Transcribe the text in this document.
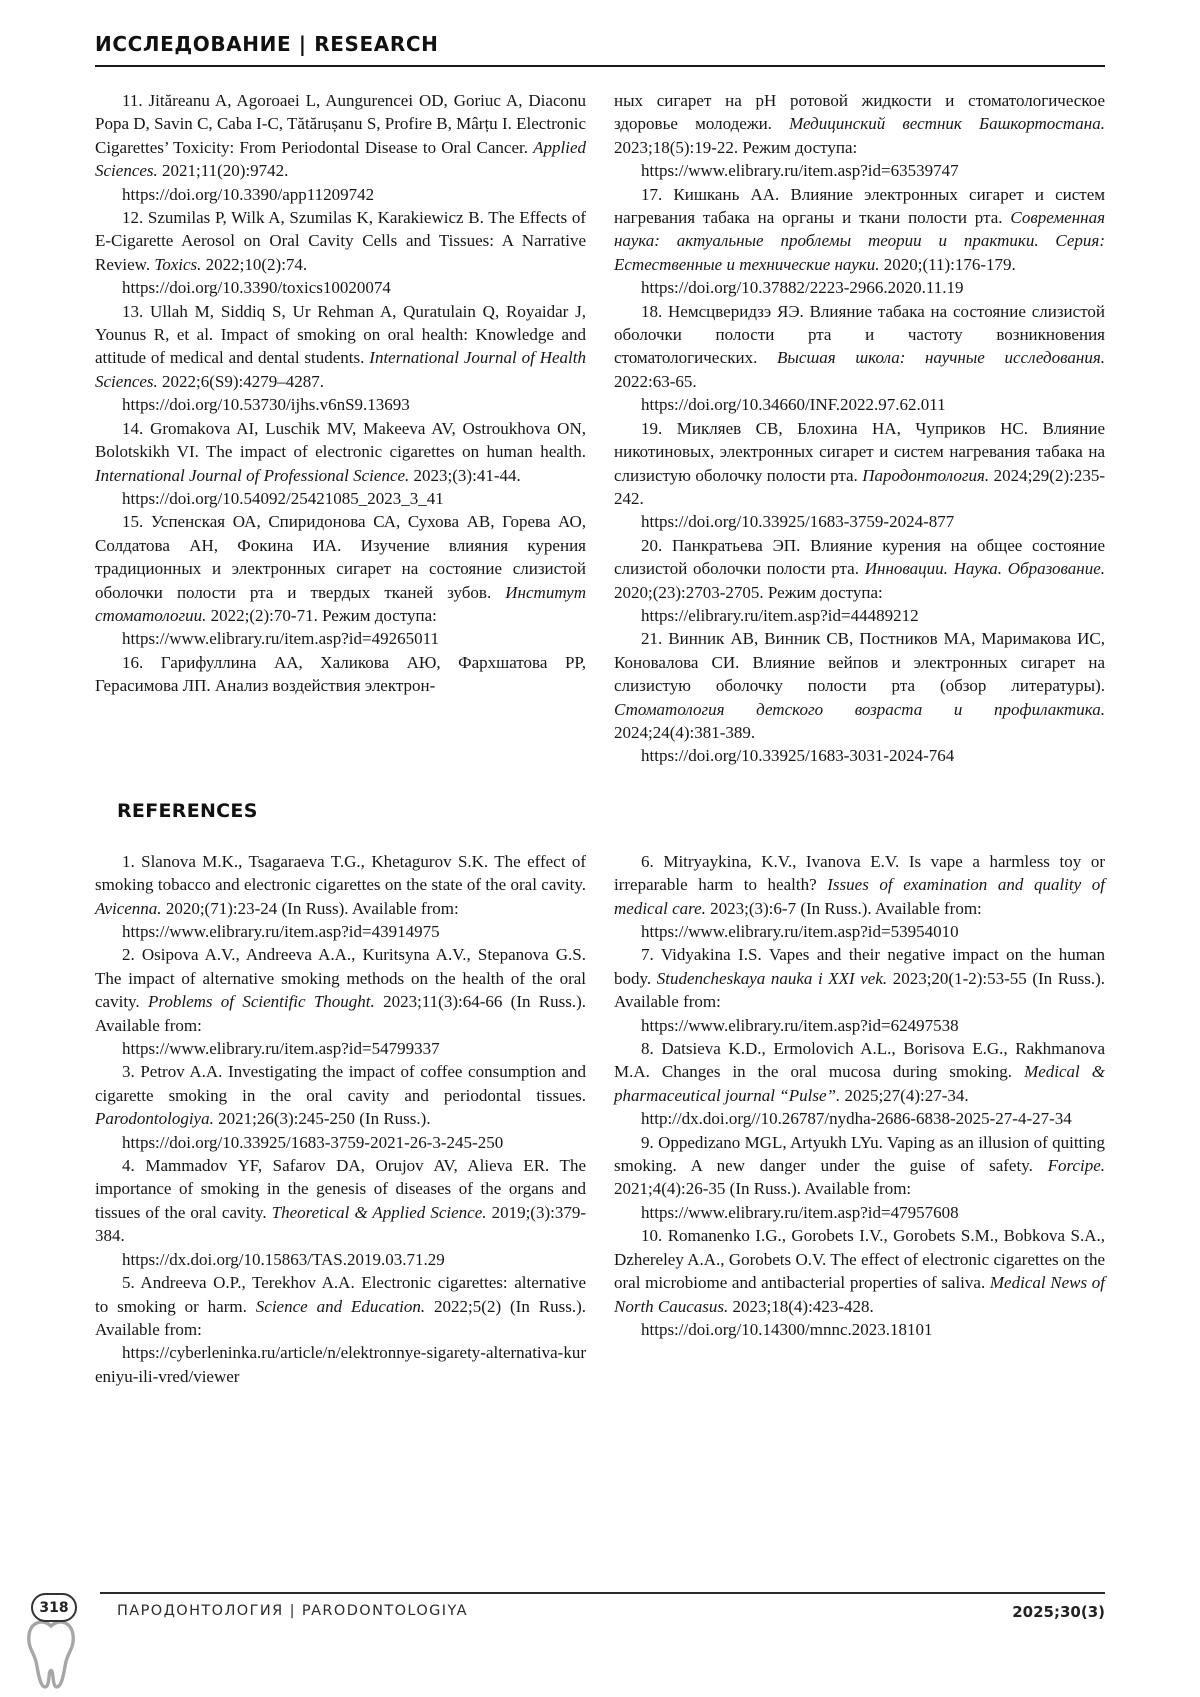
ИССЛЕДОВАНИЕ | RESEARCH

11. Jităreanu A, Agoroaei L, Aungurencei OD, Goriuc A, Diaconu Popa D, Savin C, Caba I-C, Tătărușanu S, Profire B, Mârțu I. Electronic Cigarettes’ Toxicity: From Periodontal Disease to Oral Cancer. Applied Sciences. 2021;11(20):9742.

https://doi.org/10.3390/app11209742

12. Szumilas P, Wilk A, Szumilas K, Karakiewicz B. The Effects of E-Cigarette Aerosol on Oral Cavity Cells and Tissues: A Narrative Review. Toxics. 2022;10(2):74.

https://doi.org/10.3390/toxics10020074

13. Ullah M, Siddiq S, Ur Rehman A, Quratulain Q, Royaidar J, Younus R, et al. Impact of smoking on oral health: Knowledge and attitude of medical and dental students. International Journal of Health Sciences. 2022;6(S9):4279–4287.

https://doi.org/10.53730/ijhs.v6nS9.13693

14. Gromakova AI, Luschik MV, Makeeva AV, Ostroukhova ON, Bolotskikh VI. The impact of electronic cigarettes on human health. International Journal of Professional Science. 2023;(3):41-44.

https://doi.org/10.54092/25421085_2023_3_41

15. Успенская ОА, Спиридонова СА, Сухова АВ, Горева АО, Солдатова АН, Фокина ИА. Изучение влияния курения традиционных и электронных сигарет на состояние слизистой оболочки полости рта и твердых тканей зубов. Институт стоматологии. 2022;(2):70-71. Режим доступа:

https://www.elibrary.ru/item.asp?id=49265011

16. Гарифуллина АА, Халикова АЮ, Фархшатова РР, Герасимова ЛП. Анализ воздействия электрон-

ных сигарет на pH ротовой жидкости и стоматологическое здоровье молодежи. Медицинский вестник Башкортостана. 2023;18(5):19-22. Режим доступа:

https://www.elibrary.ru/item.asp?id=63539747

17. Кишкань АА. Влияние электронных сигарет и систем нагревания табака на органы и ткани полости рта. Современная наука: актуальные проблемы теории и практики. Серия: Естественные и технические науки. 2020;(11):176-179.

https://doi.org/10.37882/2223-2966.2020.11.19

18. Немсцверидзэ ЯЭ. Влияние табака на состояние слизистой оболочки полости рта и частоту возникновения стоматологических. Высшая школа: научные исследования. 2022:63-65.

https://doi.org/10.34660/INF.2022.97.62.011

19. Микляев СВ, Блохина НА, Чуприков НС. Влияние никотиновых, электронных сигарет и систем нагревания табака на слизистую оболочку полости рта. Пародонтология. 2024;29(2):235-242.

https://doi.org/10.33925/1683-3759-2024-877

20. Панкратьева ЭП. Влияние курения на общее состояние слизистой оболочки полости рта. Инновации. Наука. Образование. 2020;(23):2703-2705. Режим доступа:

https://elibrary.ru/item.asp?id=44489212

21. Винник АВ, Винник СВ, Постников МА, Маримакова ИС, Коновалова СИ. Влияние вейпов и электронных сигарет на слизистую оболочку полости рта (обзор литературы). Стоматология детского возраста и профилактика. 2024;24(4):381-389.

https://doi.org/10.33925/1683-3031-2024-764

REFERENCES

1. Slanova M.K., Tsagaraeva T.G., Khetagurov S.K. The effect of smoking tobacco and electronic cigarettes on the state of the oral cavity. Avicenna. 2020;(71):23-24 (In Russ). Available from:

https://www.elibrary.ru/item.asp?id=43914975

2. Osipova A.V., Andreeva A.A., Kuritsyna A.V., Stepanova G.S. The impact of alternative smoking methods on the health of the oral cavity. Problems of Scientific Thought. 2023;11(3):64-66 (In Russ.). Available from:

https://www.elibrary.ru/item.asp?id=54799337

3. Petrov A.A. Investigating the impact of coffee consumption and cigarette smoking in the oral cavity and periodontal tissues. Parodontologiya. 2021;26(3):245-250 (In Russ.).

https://doi.org/10.33925/1683-3759-2021-26-3-245-250

4. Mammadov YF, Safarov DA, Orujov AV, Alieva ER. The importance of smoking in the genesis of diseases of the organs and tissues of the oral cavity. Theoretical & Applied Science. 2019;(3):379-384.

https://dx.doi.org/10.15863/TAS.2019.03.71.29

5. Andreeva O.P., Terekhov A.A. Electronic cigarettes: alternative to smoking or harm. Science and Education. 2022;5(2) (In Russ.). Available from:

https://cyberleninka.ru/article/n/elektronnye-sigarety-alternativa-kureniyu-ili-vred/viewer

6. Mitryaykina, K.V., Ivanova E.V. Is vape a harmless toy or irreparable harm to health? Issues of examination and quality of medical care. 2023;(3):6-7 (In Russ.). Available from:

https://www.elibrary.ru/item.asp?id=53954010

7. Vidyakina I.S. Vapes and their negative impact on the human body. Studencheskaya nauka i XXI vek. 2023;20(1-2):53-55 (In Russ.). Available from:

https://www.elibrary.ru/item.asp?id=62497538

8. Datsieva K.D., Ermolovich A.L., Borisova E.G., Rakhmanova M.A. Changes in the oral mucosa during smoking. Medical & pharmaceutical journal “Pulse”. 2025;27(4):27-34.

http://dx.doi.org//10.26787/nydha-2686-6838-2025-27-4-27-34

9. Oppedizano MGL, Artyukh LYu. Vaping as an illusion of quitting smoking. A new danger under the guise of safety. Forcipe. 2021;4(4):26-35 (In Russ.). Available from:

https://www.elibrary.ru/item.asp?id=47957608

10. Romanenko I.G., Gorobets I.V., Gorobets S.M., Bobkova S.A., Dzhereley A.A., Gorobets O.V. The effect of electronic cigarettes on the oral microbiome and antibacterial properties of saliva. Medical News of North Caucasus. 2023;18(4):423-428.

https://doi.org/10.14300/mnnc.2023.18101

318	ПАРОДОНТОЛОГИЯ | PARODONTOLOGIYA	2025;30(3)
